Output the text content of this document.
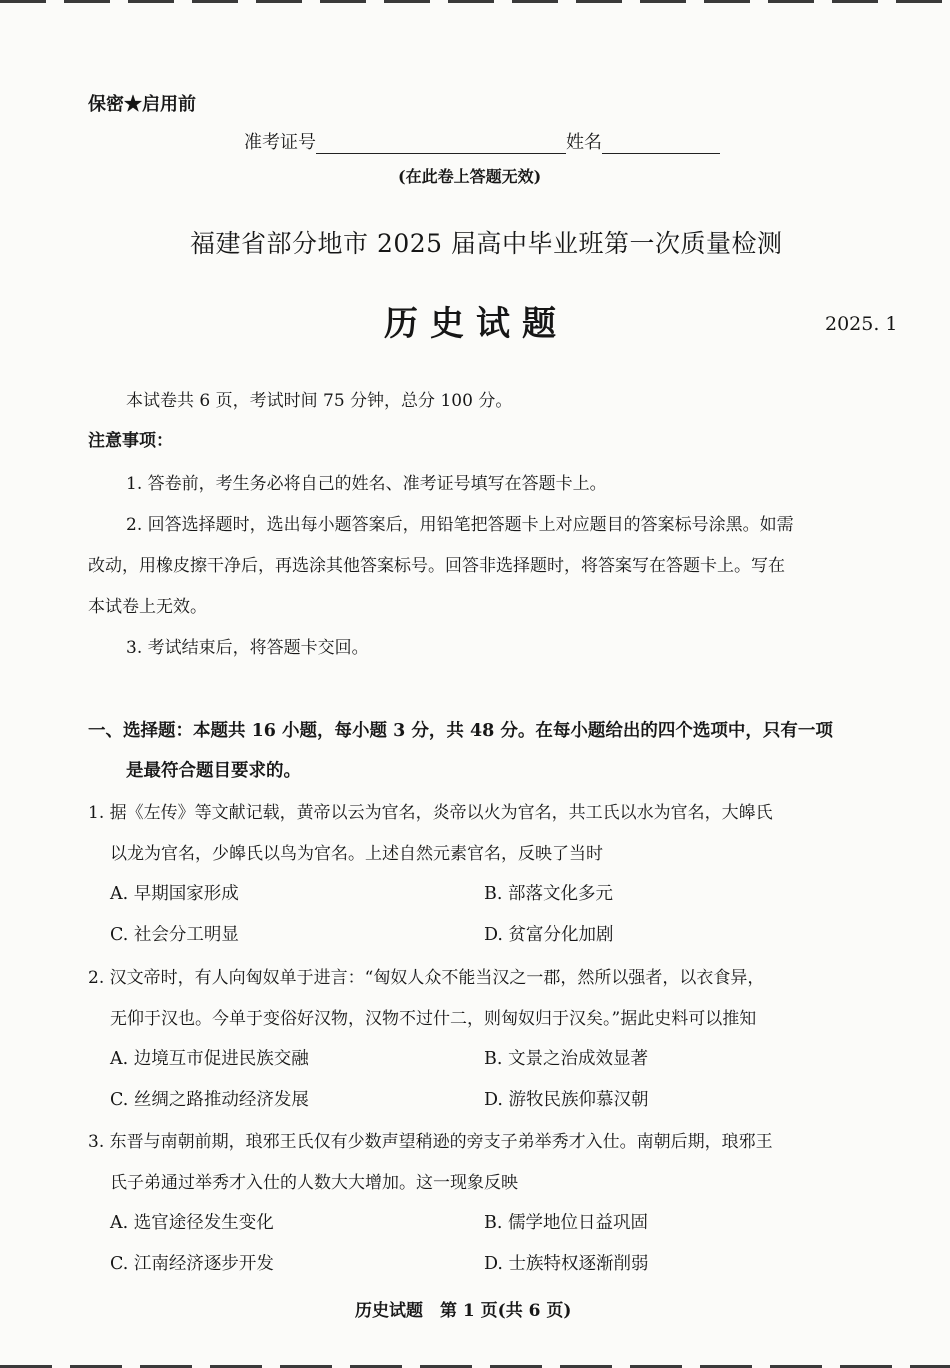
保密★启用前
准考证号	姓名
(在此卷上答题无效)
福建省部分地市 2025 届高中毕业班第一次质量检测
历史试题	2025. 1
本试卷共 6 页，考试时间 75 分钟，总分 100 分。
注意事项：
1. 答卷前，考生务必将自己的姓名、准考证号填写在答题卡上。
2. 回答选择题时，选出每小题答案后，用铅笔把答题卡上对应题目的答案标号涂黑。如需
改动，用橡皮擦干净后，再选涂其他答案标号。回答非选择题时，将答案写在答题卡上。写在
本试卷上无效。
3. 考试结束后，将答题卡交回。
一、选择题：本题共 16 小题，每小题 3 分，共 48 分。在每小题给出的四个选项中，只有一项
是最符合题目要求的。
1. 据《左传》等文献记载，黄帝以云为官名，炎帝以火为官名，共工氏以水为官名，大皞氏
以龙为官名，少皞氏以鸟为官名。上述自然元素官名，反映了当时
A. 早期国家形成	B. 部落文化多元
C. 社会分工明显	D. 贫富分化加剧
2. 汉文帝时，有人向匈奴单于进言：“匈奴人众不能当汉之一郡，然所以强者，以衣食异，
无仰于汉也。今单于变俗好汉物，汉物不过什二，则匈奴归于汉矣。”据此史料可以推知
A. 边境互市促进民族交融	B. 文景之治成效显著
C. 丝绸之路推动经济发展	D. 游牧民族仰慕汉朝
3. 东晋与南朝前期，琅邪王氏仅有少数声望稍逊的旁支子弟举秀才入仕。南朝后期，琅邪王
氏子弟通过举秀才入仕的人数大大增加。这一现象反映
A. 选官途径发生变化	B. 儒学地位日益巩固
C. 江南经济逐步开发	D. 士族特权逐渐削弱
历史试题　第 1 页(共 6 页)
